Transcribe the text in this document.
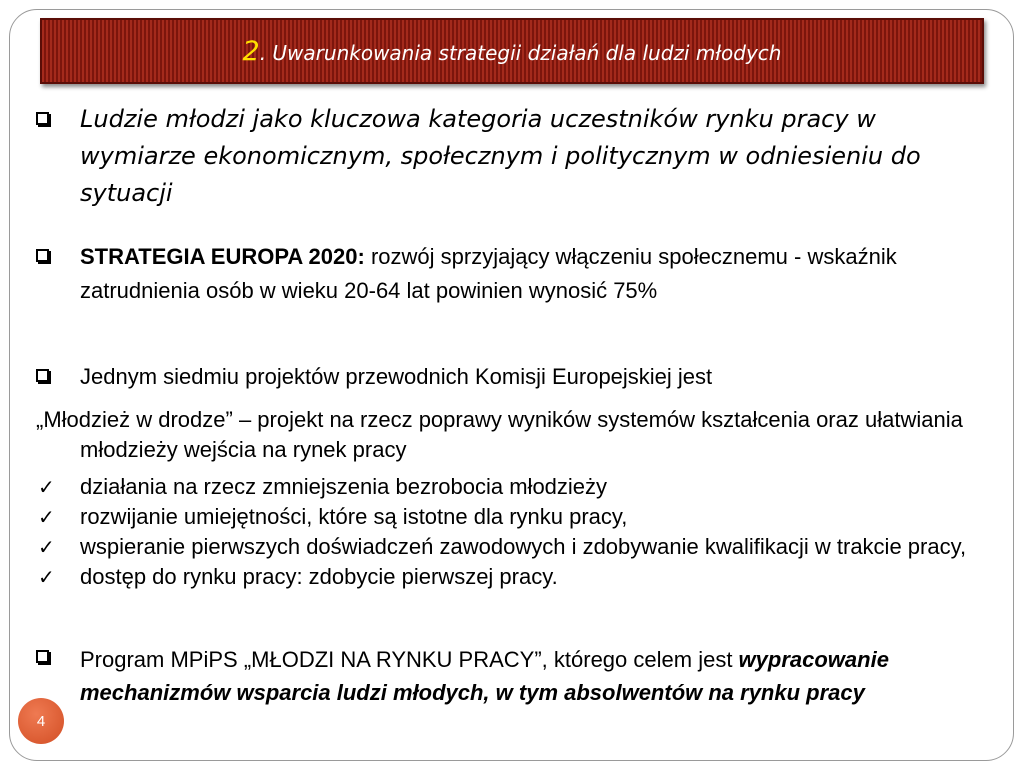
2. Uwarunkowania strategii działań dla ludzi młodych

Ludzie młodzi jako kluczowa kategoria uczestników rynku pracy w wymiarze ekonomicznym, społecznym i politycznym w odniesieniu do sytuacji

STRATEGIA EUROPA 2020: rozwój sprzyjający włączeniu społecznemu - wskaźnik zatrudnienia osób w wieku 20-64 lat powinien wynosić 75%

Jednym siedmiu projektów przewodnich Komisji Europejskiej jest

„Młodzież w drodze” – projekt na rzecz poprawy wyników systemów kształcenia oraz ułatwiania młodzieży wejścia na rynek pracy

✓	działania na rzecz zmniejszenia bezrobocia młodzieży

✓	rozwijanie umiejętności, które są istotne dla rynku pracy,

✓	wspieranie pierwszych doświadczeń zawodowych i zdobywanie kwalifikacji w trakcie pracy,

✓	dostęp do rynku pracy: zdobycie pierwszej pracy.

Program MPiPS „MŁODZI NA RYNKU PRACY”, którego celem jest wypracowanie mechanizmów wsparcia ludzi młodych, w tym absolwentów na rynku pracy

4
